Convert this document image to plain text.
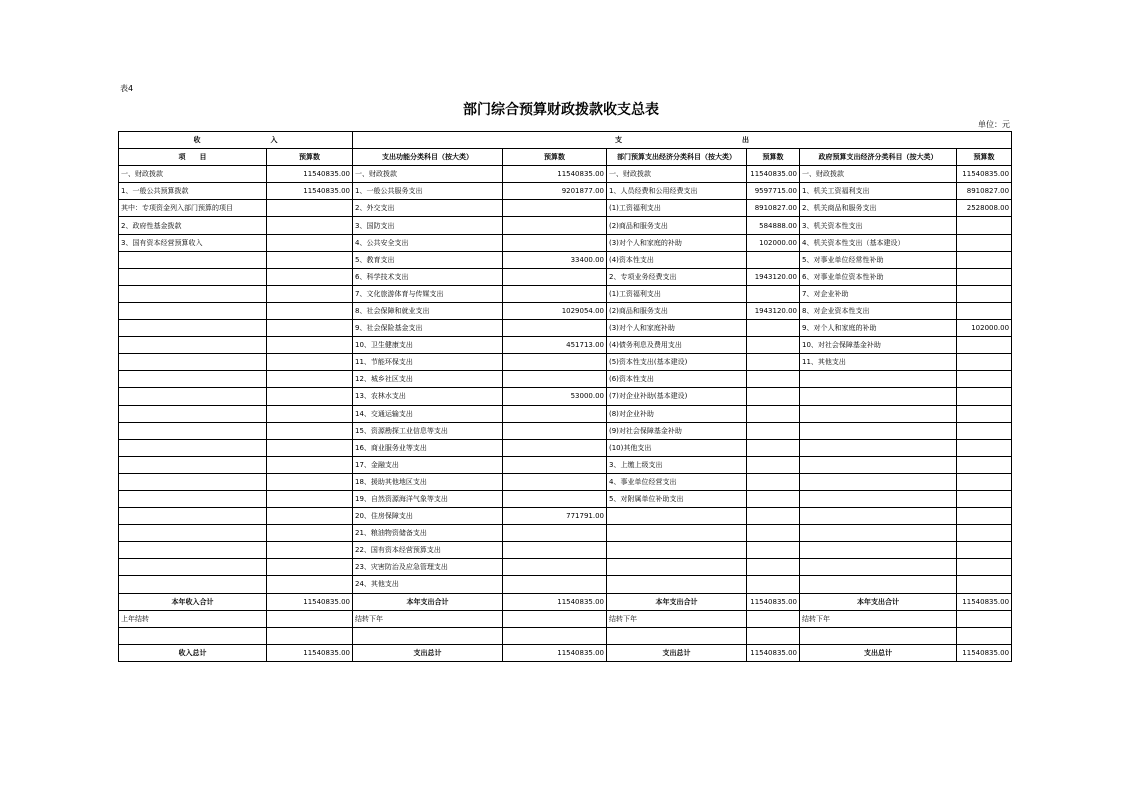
表4
部门综合预算财政拨款收支总表
单位：元
收 入		支 出					
项　　目	预算数	支出功能分类科目（按大类）	预算数	部门预算支出经济分类科目（按大类）	预算数	政府预算支出经济分类科目（按大类）	预算数
一、财政拨款	11540835.00	一、财政拨款	11540835.00	一、财政拨款	11540835.00	一、财政拨款	11540835.00
1、一般公共预算拨款	11540835.00	1、一般公共服务支出	9201877.00	1、人员经费和公用经费支出	9597715.00	1、机关工资福利支出	8910827.00
其中：专项资金列入部门预算的项目		2、外交支出		(1)工资福利支出	8910827.00	2、机关商品和服务支出	2528008.00
2、政府性基金拨款		3、国防支出		(2)商品和服务支出	584888.00	3、机关资本性支出	
3、国有资本经营预算收入		4、公共安全支出		(3)对个人和家庭的补助	102000.00	4、机关资本性支出（基本建设）	
		5、教育支出	33400.00	(4)资本性支出		5、对事业单位经常性补助	
		6、科学技术支出		2、专项业务经费支出	1943120.00	6、对事业单位资本性补助	
		7、文化旅游体育与传媒支出		(1)工资福利支出		7、对企业补助	
		8、社会保障和就业支出	1029054.00	(2)商品和服务支出	1943120.00	8、对企业资本性支出	
		9、社会保险基金支出		(3)对个人和家庭补助		9、对个人和家庭的补助	102000.00
		10、卫生健康支出	451713.00	(4)债务利息及费用支出		10、对社会保障基金补助	
		11、节能环保支出		(5)资本性支出(基本建设)		11、其他支出	
		12、城乡社区支出		(6)资本性支出			
		13、农林水支出	53000.00	(7)对企业补助(基本建设)			
		14、交通运输支出		(8)对企业补助			
		15、资源勘探工业信息等支出		(9)对社会保障基金补助			
		16、商业服务业等支出		(10)其他支出			
		17、金融支出		3、上缴上级支出			
		18、援助其他地区支出		4、事业单位经营支出			
		19、自然资源海洋气象等支出		5、对附属单位补助支出			
		20、住房保障支出	771791.00				
		21、粮油物资储备支出					
		22、国有资本经营预算支出					
		23、灾害防治及应急管理支出					
		24、其他支出					
本年收入合计	11540835.00	本年支出合计	11540835.00	本年支出合计	11540835.00	本年支出合计	11540835.00
上年结转		结转下年		结转下年		结转下年	

收入总计	11540835.00	支出总计	11540835.00	支出总计	11540835.00	支出总计	11540835.00
